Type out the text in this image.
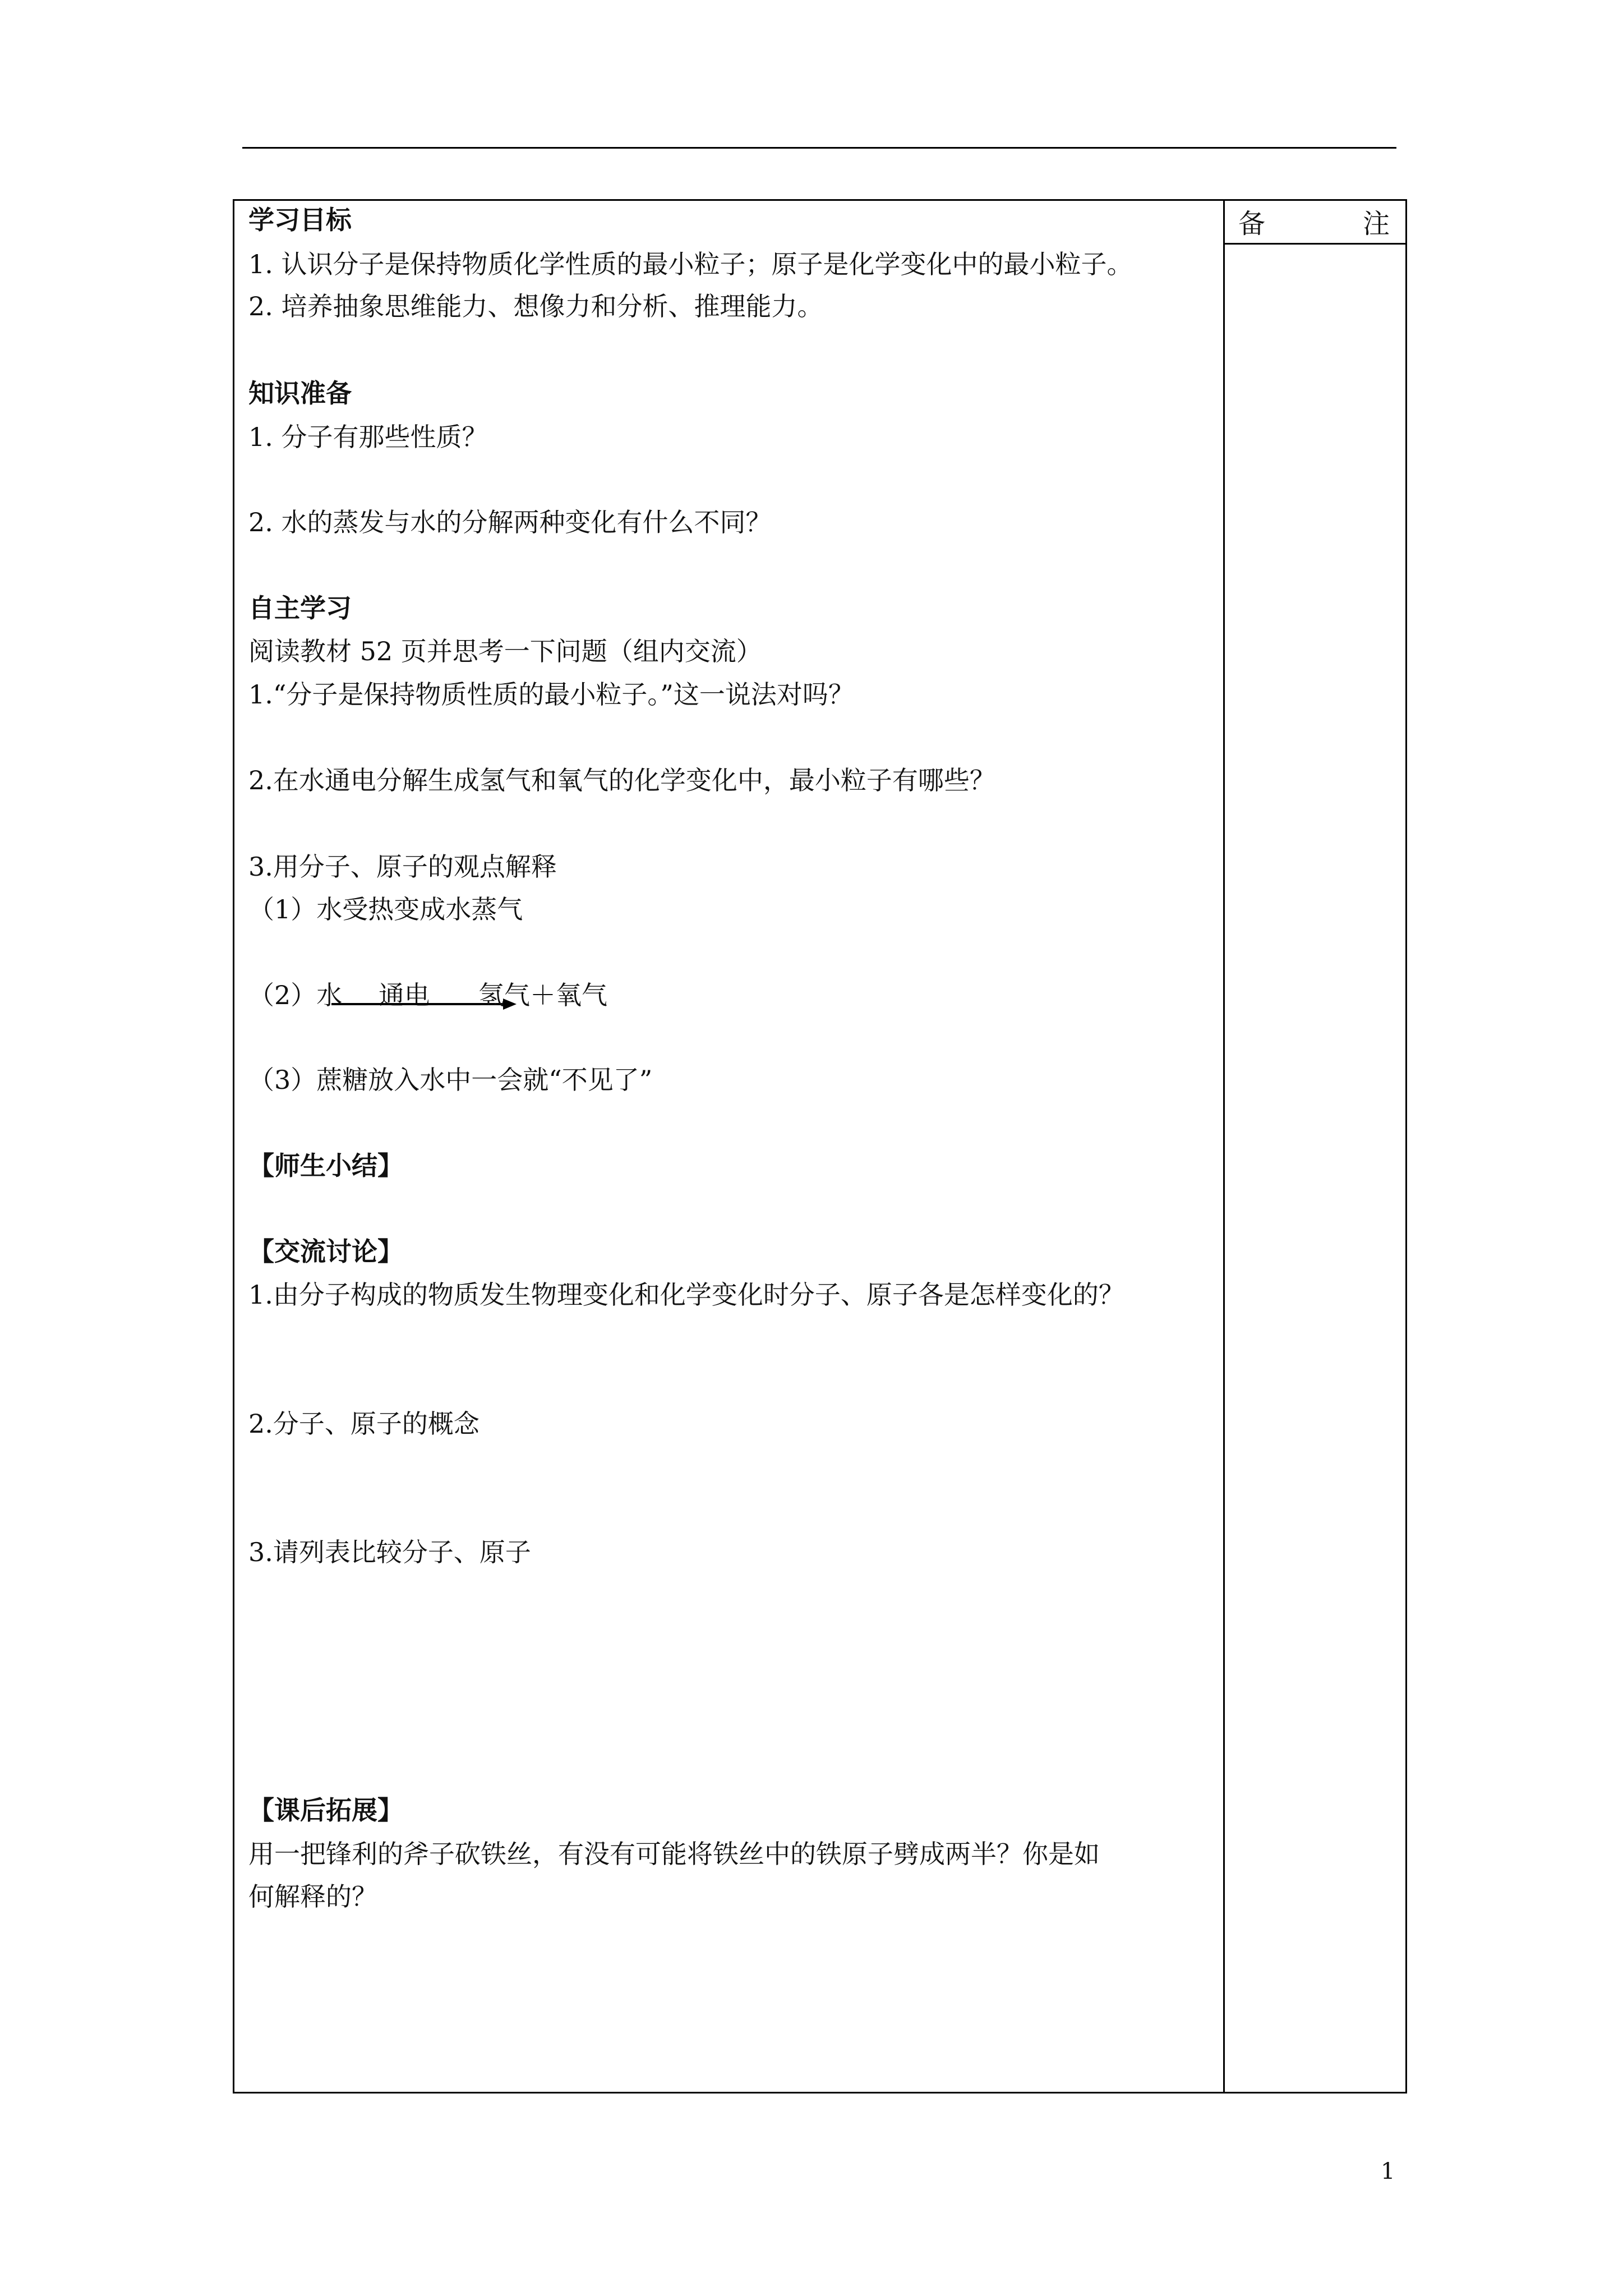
备	注
学习目标
1. 认识分子是保持物质化学性质的最小粒子；原子是化学变化中的最小粒子。
2. 培养抽象思维能力、想像力和分析、推理能力。
知识准备
1. 分子有那些性质？
2. 水的蒸发与水的分解两种变化有什么不同？
自主学习
阅读教材 52 页并思考一下问题（组内交流）
1.“分子是保持物质性质的最小粒子。”这一说法对吗？
2.在水通电分解生成氢气和氧气的化学变化中，最小粒子有哪些？
3.用分子、原子的观点解释
（1）水受热变成水蒸气
（2）水 通电 氢气＋氧气
（3）蔗糖放入水中一会就“不见了”
【师生小结】
【交流讨论】
1.由分子构成的物质发生物理变化和化学变化时分子、原子各是怎样变化的？
2.分子、原子的概念
3.请列表比较分子、原子
【课后拓展】
用一把锋利的斧子砍铁丝，有没有可能将铁丝中的铁原子劈成两半？你是如
何解释的？
1
